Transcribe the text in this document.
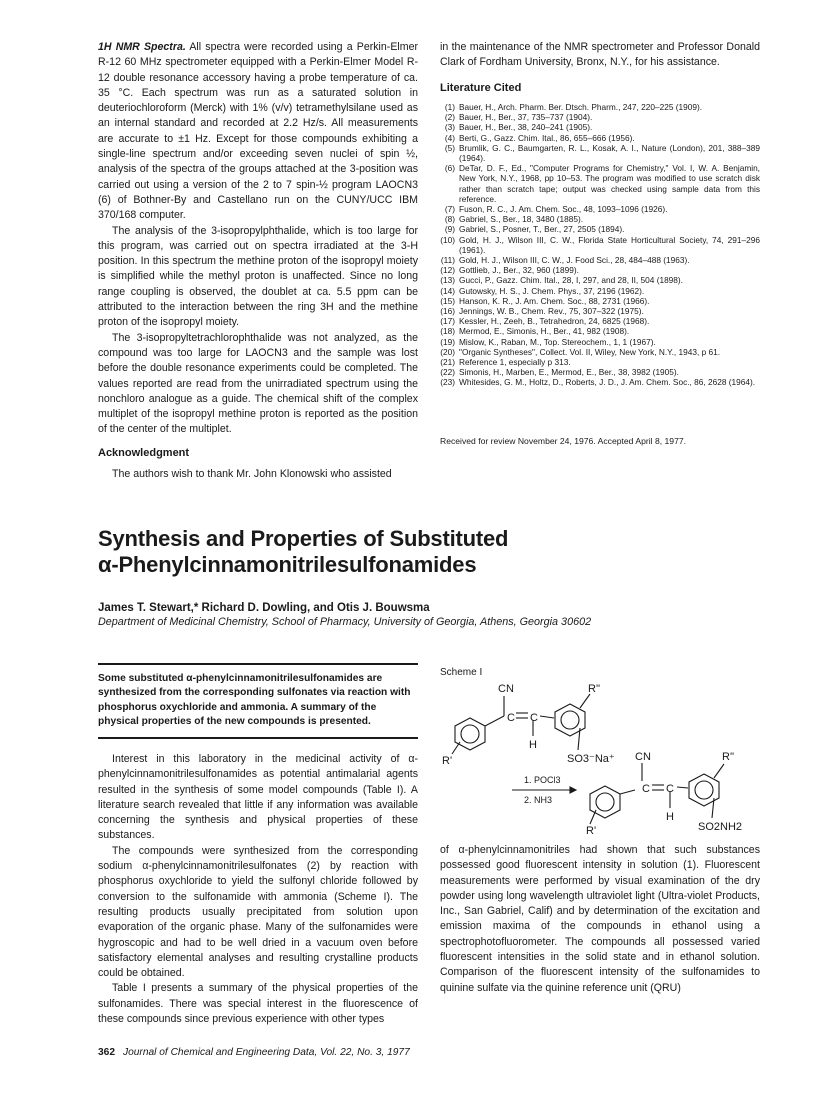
1H NMR Spectra. All spectra were recorded using a Perkin-Elmer R-12 60 MHz spectrometer equipped with a Perkin-Elmer Model R-12 double resonance accessory having a probe temperature of ca. 35 °C. Each spectrum was run as a saturated solution in deuteriochloroform (Merck) with 1% (v/v) tetramethylsilane used as an internal standard and recorded at 2.2 Hz/s. All measurements are accurate to ±1 Hz. Except for those compounds exhibiting a single-line spectrum and/or exceeding seven nuclei of spin ½, analysis of the spectra of the groups attached at the 3-position was carried out using a version of the 2 to 7 spin-½ program LAOCN3 (6) of Bothner-By and Castellano run on the CUNY/UCC IBM 370/168 computer.

The analysis of the 3-isopropylphthalide, which is too large for this program, was carried out on spectra irradiated at the 3-H position. In this spectrum the methine proton of the isopropyl moiety is simplified while the methyl proton is unaffected. Since no long range coupling is observed, the doublet at ca. 5.5 ppm can be attributed to the interaction between the ring 3H and the methine proton of the isopropyl moiety.

The 3-isopropyltetrachlorophthalide was not analyzed, as the compound was too large for LAOCN3 and the sample was lost before the double resonance experiments could be completed. The values reported are read from the unirradiated spectrum using the nonchloro analogue as a guide. The chemical shift of the complex multiplet of the isopropyl methine proton is reported as the position of the center of the multiplet.

Acknowledgment

The authors wish to thank Mr. John Klonowski who assisted

in the maintenance of the NMR spectrometer and Professor Donald Clark of Fordham University, Bronx, N.Y., for his assistance.

Literature Cited

(1) Bauer, H., Arch. Pharm. Ber. Dtsch. Pharm., 247, 220–225 (1909).
(2) Bauer, H., Ber., 37, 735–737 (1904).
(3) Bauer, H., Ber., 38, 240–241 (1905).
(4) Berti, G., Gazz. Chim. Ital., 86, 655–666 (1956).
(5) Brumlik, G. C., Baumgarten, R. L., Kosak, A. I., Nature (London), 201, 388–389 (1964).
(6) DeTar, D. F., Ed., "Computer Programs for Chemistry," Vol. I, W. A. Benjamin, New York, N.Y., 1968, pp 10–53. The program was modified to use scratch disk rather than scratch tape; output was checked using sample data from this reference.
(7) Fuson, R. C., J. Am. Chem. Soc., 48, 1093–1096 (1926).
(8) Gabriel, S., Ber., 18, 3480 (1885).
(9) Gabriel, S., Posner, T., Ber., 27, 2505 (1894).
(10) Gold, H. J., Wilson III, C. W., Florida State Horticultural Society, 74, 291–296 (1961).
(11) Gold, H. J., Wilson III, C. W., J. Food Sci., 28, 484–488 (1963).
(12) Gottlieb, J., Ber., 32, 960 (1899).
(13) Gucci, P., Gazz. Chim. Ital., 28, I, 297, and 28, II, 504 (1898).
(14) Gutowsky, H. S., J. Chem. Phys., 37, 2196 (1962).
(15) Hanson, K. R., J. Am. Chem. Soc., 88, 2731 (1966).
(16) Jennings, W. B., Chem. Rev., 75, 307–322 (1975).
(17) Kessler, H., Zeeh, B., Tetrahedron, 24, 6825 (1968).
(18) Mermod, E., Simonis, H., Ber., 41, 982 (1908).
(19) Mislow, K., Raban, M., Top. Stereochem., 1, 1 (1967).
(20) "Organic Syntheses", Collect. Vol. II, Wiley, New York, N.Y., 1943, p 61.
(21) Reference 1, especially p 313.
(22) Simonis, H., Marben, E., Mermod, E., Ber., 38, 3982 (1905).
(23) Whitesides, G. M., Holtz, D., Roberts, J. D., J. Am. Chem. Soc., 86, 2628 (1964).
Received for review November 24, 1976. Accepted April 8, 1977.

Synthesis and Properties of Substituted

α-Phenylcinnamonitrilesulfonamides

James T. Stewart,* Richard D. Dowling, and Otis J. Bouwsma

Department of Medicinal Chemistry, School of Pharmacy, University of Georgia, Athens, Georgia 30602

Some substituted α-phenylcinnamonitrilesulfonamides are synthesized from the corresponding sulfonates via reaction with phosphorus oxychloride and ammonia. A summary of the physical properties of the new compounds is presented.

Interest in this laboratory in the medicinal activity of α-phenylcinnamonitrilesulfonamides as potential antimalarial agents resulted in the synthesis of some model compounds (Table I). A literature search revealed that little if any information was available concerning the synthesis and physical properties of these substances.

The compounds were synthesized from the corresponding sodium α-phenylcinnamonitrilesulfonates (2) by reaction with phosphorus oxychloride to yield the sulfonyl chloride followed by conversion to the sulfonamide with ammonia (Scheme I). The resulting products usually precipitated from solution upon evaporation of the organic phase. Many of the sulfonamides were hygroscopic and had to be well dried in a vacuum oven before satisfactory elemental analyses and resulting crystalline products could be obtained.

Table I presents a summary of the physical properties of the sulfonamides. There was special interest in the fluorescence of these compounds since previous experience with other types

Scheme I
CN
C C
H
R'
R''
SO3⁻Na⁺
1. POCl3
2. NH3
CN
C C
H
R'
R''
SO2NH2

of α-phenylcinnamonitriles had shown that such substances possessed good fluorescent intensity in solution (1). Fluorescent measurements were performed by visual examination of the dry powder using long wavelength ultraviolet light (Ultra-violet Products, Inc., San Gabriel, Calif) and by determination of the excitation and emission maxima of the compounds in ethanol using a spectrophotofluorometer. The compounds all possessed varied fluorescent intensities in the solid state and in ethanol solution. Comparison of the fluorescent intensity of the sulfonamides to quinine sulfate via the quinine reference unit (QRU)

362 Journal of Chemical and Engineering Data, Vol. 22, No. 3, 1977
